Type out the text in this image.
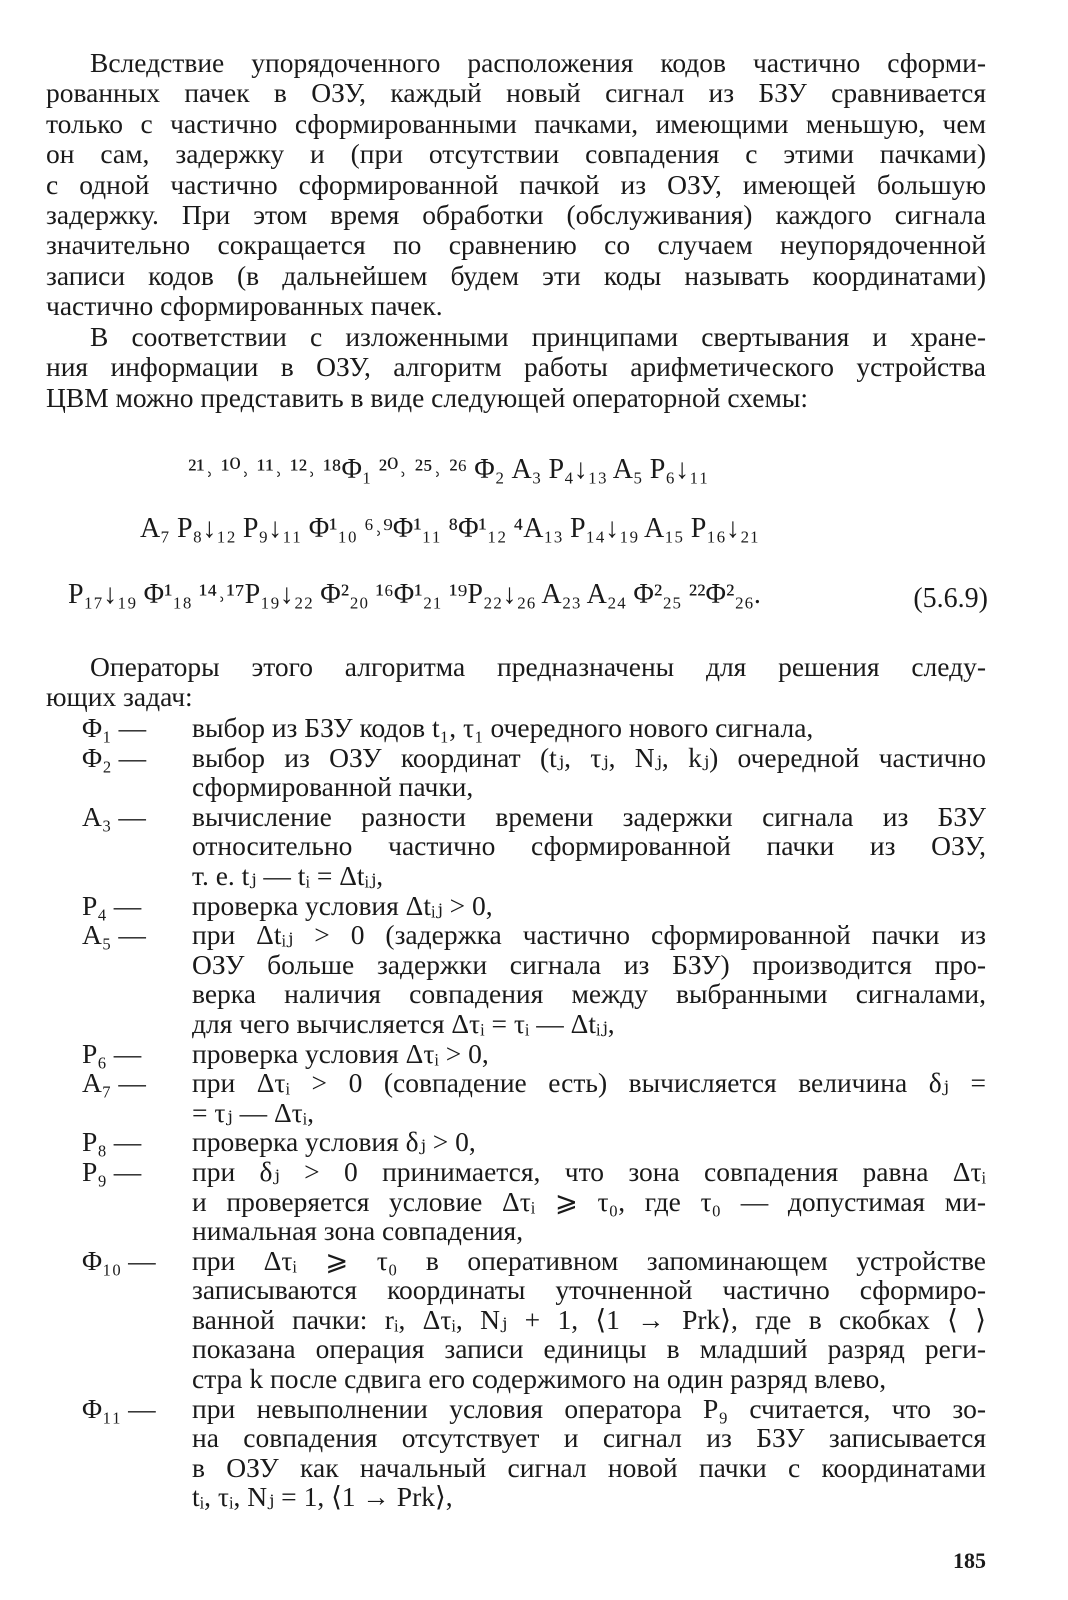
Вследствие упорядоченного расположения кодов частично сформи-
рованных пачек в ОЗУ, каждый новый сигнал из БЗУ сравнивается
только с частично сформированными пачками, имеющими меньшую, чем
он сам, задержку и (при отсутствии совпадения с этими пачками)
с одной частично сформированной пачкой из ОЗУ, имеющей большую
задержку. При этом время обработки (обслуживания) каждого сигнала
значительно сокращается по сравнению со случаем неупорядоченной
записи кодов (в дальнейшем будем эти коды называть координатами)
частично сформированных пачек.
В соответствии с изложенными принципами свертывания и хране-
ния информации в ОЗУ, алгоритм работы арифметического устройства
ЦВМ можно представить в виде следующей операторной схемы:
²¹˒ ¹⁰˒ ¹¹˒ ¹²˒ ¹⁸Φ₁ ²⁰˒ ²⁵˒ ²⁶ Φ₂ A₃ P₄↓₁₃ A₅ P₆↓₁₁
A₇ P₈↓₁₂ P₉↓₁₁ Φ¹₁₀ ⁶˒⁹Φ¹₁₁ ⁸Φ¹₁₂ ⁴A₁₃ P₁₄↓₁₉ A₁₅ P₁₆↓₂₁
P₁₇↓₁₉ Φ¹₁₈ ¹⁴˒¹⁷P₁₉↓₂₂ Φ²₂₀ ¹⁶Φ¹₂₁ ¹⁹P₂₂↓₂₆ A₂₃ A₂₄ Φ²₂₅ ²²Φ²₂₆.	(5.6.9)
Операторы этого алгоритма предназначены для решения следу-
ющих задач:
Φ₁ — выбор из БЗУ кодов t₁, τ₁ очередного нового сигнала,
Φ₂ — выбор из ОЗУ координат (tⱼ, τⱼ, Nⱼ, kⱼ) очередной частично
сформированной пачки,
A₃ — вычисление разности времени задержки сигнала из БЗУ
относительно частично сформированной пачки из ОЗУ,
т. е. tⱼ — tᵢ = Δtᵢⱼ,
P₄ — проверка условия Δtᵢⱼ > 0,
A₅ — при Δtᵢⱼ > 0 (задержка частично сформированной пачки из
ОЗУ больше задержки сигнала из БЗУ) производится про-
верка наличия совпадения между выбранными сигналами,
для чего вычисляется Δτᵢ = τᵢ — Δtᵢⱼ,
P₆ — проверка условия Δτᵢ > 0,
A₇ — при Δτᵢ > 0 (совпадение есть) вычисляется величина δⱼ =
= τⱼ — Δτᵢ,
P₈ — проверка условия δⱼ > 0,
P₉ — при δⱼ > 0 принимается, что зона совпадения равна Δτᵢ
и проверяется условие Δτᵢ ⩾ τ₀, где τ₀ — допустимая ми-
нимальная зона совпадения,
Φ₁₀ — при Δτᵢ ⩾ τ₀ в оперативном запоминающем устройстве
записываются координаты уточненной частично сформиро-
ванной пачки: rᵢ, Δτᵢ, Nⱼ + 1, ⟨1 → Prk⟩, где в скобках ⟨ ⟩
показана операция записи единицы в младший разряд реги-
стра k после сдвига его содержимого на один разряд влево,
Φ₁₁ — при невыполнении условия оператора P₉ считается, что зо-
на совпадения отсутствует и сигнал из БЗУ записывается
в ОЗУ как начальный сигнал новой пачки с координатами
tᵢ, τᵢ, Nⱼ = 1, ⟨1 → Prk⟩,
185
